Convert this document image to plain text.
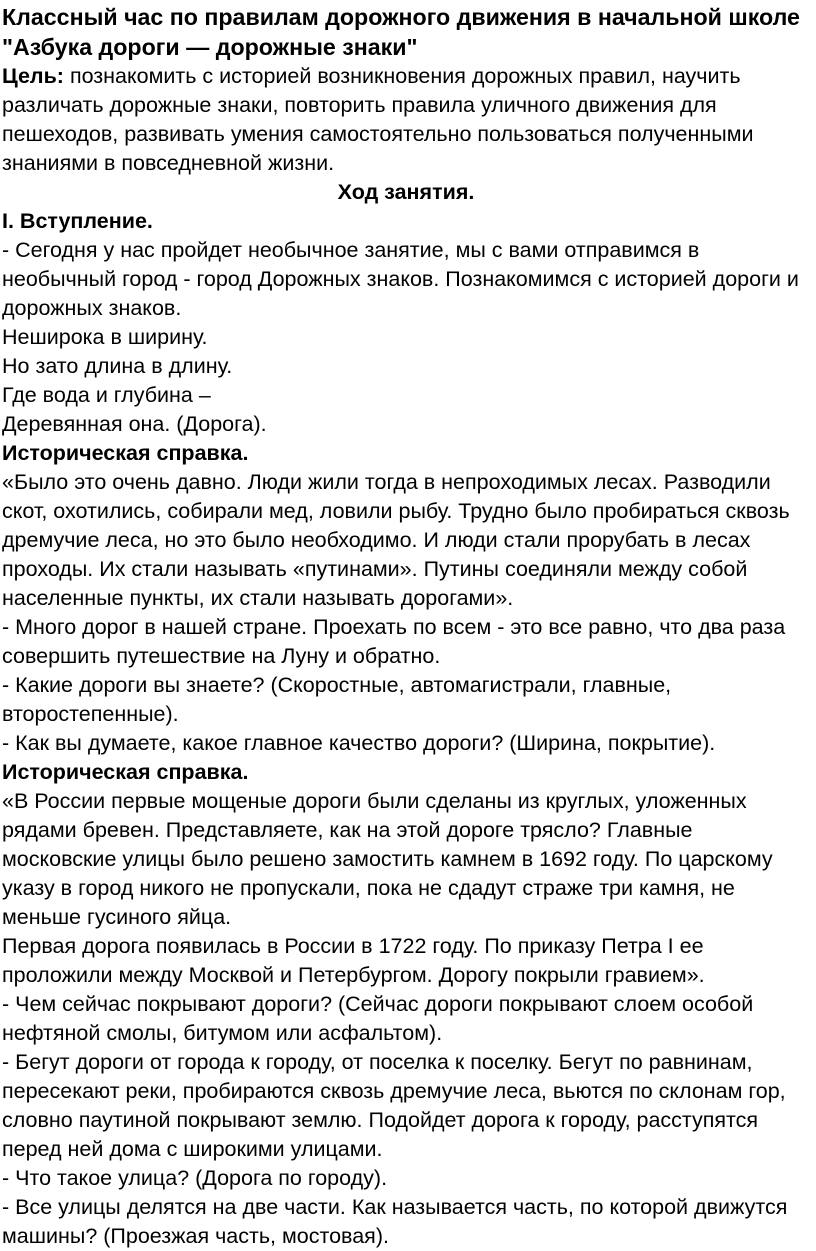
Классный час по правилам дорожного движения в начальной школе "Азбука дороги — дорожные знаки"

Цель: познакомить с историей возникновения дорожных правил, научить различать дорожные знаки, повторить правила уличного движения для пешеходов, развивать умения самостоятельно пользоваться полученными знаниями в повседневной жизни.

Ход занятия.

I. Вступление.

- Сегодня у нас пройдет необычное занятие, мы с вами отправимся в необычный город - город Дорожных знаков. Познакомимся с историей дороги и дорожных знаков.

Неширока в ширину.

Но зато длина в длину.

Где вода и глубина –

Деревянная она. (Дорога).

Историческая справка.

«Было это очень давно. Люди жили тогда в непроходимых лесах. Разводили скот, охотились, собирали мед, ловили рыбу. Трудно было пробираться сквозь дремучие леса, но это было необходимо. И люди стали прорубать в лесах проходы. Их стали называть «путинами». Путины соединяли между собой населенные пункты, их стали называть дорогами».

- Много дорог в нашей стране. Проехать по всем - это все равно, что два раза совершить путешествие на Луну и обратно.

- Какие дороги вы знаете? (Скоростные, автомагистрали, главные, второстепенные).

- Как вы думаете, какое главное качество дороги? (Ширина, покрытие).

Историческая справка.

«В России первые мощеные дороги были сделаны из круглых, уложенных рядами бревен. Представляете, как на этой дороге трясло? Главные московские улицы было решено замостить камнем в 1692 году. По царскому указу в город никого не пропускали, пока не сдадут страже три камня, не меньше гусиного яйца.

Первая дорога появилась в России в 1722 году. По приказу Петра I ее проложили между Москвой и Петербургом. Дорогу покрыли гравием».

- Чем сейчас покрывают дороги? (Сейчас дороги покрывают слоем особой нефтяной смолы, битумом или асфальтом).

- Бегут дороги от города к городу, от поселка к поселку. Бегут по равнинам, пересекают реки, пробираются сквозь дремучие леса, вьются по склонам гор, словно паутиной покрывают землю. Подойдет дорога к городу, расступятся перед ней дома с широкими улицами.

- Что такое улица? (Дорога по городу).

- Все улицы делятся на две части. Как называется часть, по которой движутся машины? (Проезжая часть, мостовая).
